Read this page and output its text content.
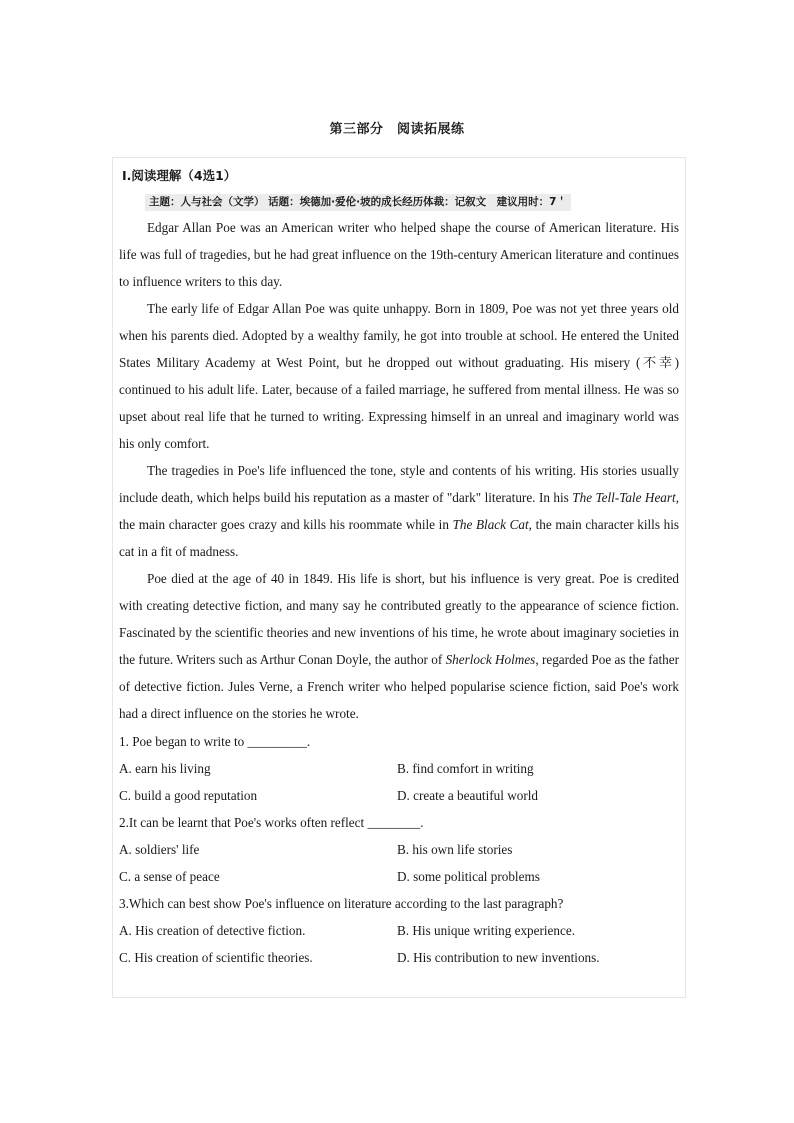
第三部分　阅读拓展练
Ⅰ.阅读理解（4选1）
主题：人与社会（文学） 话题：埃德加·爱伦·坡的成长经历体裁：记叙文　建议用时：7＇

Edgar Allan Poe was an American writer who helped shape the course of American literature. His life was full of tragedies, but he had great influence on the 19th-century American literature and continues to influence writers to this day.

The early life of Edgar Allan Poe was quite unhappy. Born in 1809, Poe was not yet three years old when his parents died. Adopted by a wealthy family, he got into trouble at school. He entered the United States Military Academy at West Point, but he dropped out without graduating. His misery (不幸) continued to his adult life. Later, because of a failed marriage, he suffered from mental illness. He was so upset about real life that he turned to writing. Expressing himself in an unreal and imaginary world was his only comfort.

The tragedies in Poe's life influenced the tone, style and contents of his writing. His stories usually include death, which helps build his reputation as a master of "dark" literature. In his The Tell-Tale Heart, the main character goes crazy and kills his roommate while in The Black Cat, the main character kills his cat in a fit of madness.

Poe died at the age of 40 in 1849. His life is short, but his influence is very great. Poe is credited with creating detective fiction, and many say he contributed greatly to the appearance of science fiction. Fascinated by the scientific theories and new inventions of his time, he wrote about imaginary societies in the future. Writers such as Arthur Conan Doyle, the author of Sherlock Holmes, regarded Poe as the father of detective fiction. Jules Verne, a French writer who helped popularise science fiction, said Poe's work had a direct influence on the stories he wrote.

1. Poe began to write to _________.
A. earn his living	B. find comfort in writing
C. build a good reputation	D. create a beautiful world
2.It can be learnt that Poe's works often reflect ________.
A. soldiers' life	B. his own life stories
C. a sense of peace	D. some political problems
3.Which can best show Poe's influence on literature according to the last paragraph?
A. His creation of detective fiction.	B. His unique writing experience.
C. His creation of scientific theories.	D. His contribution to new inventions.
